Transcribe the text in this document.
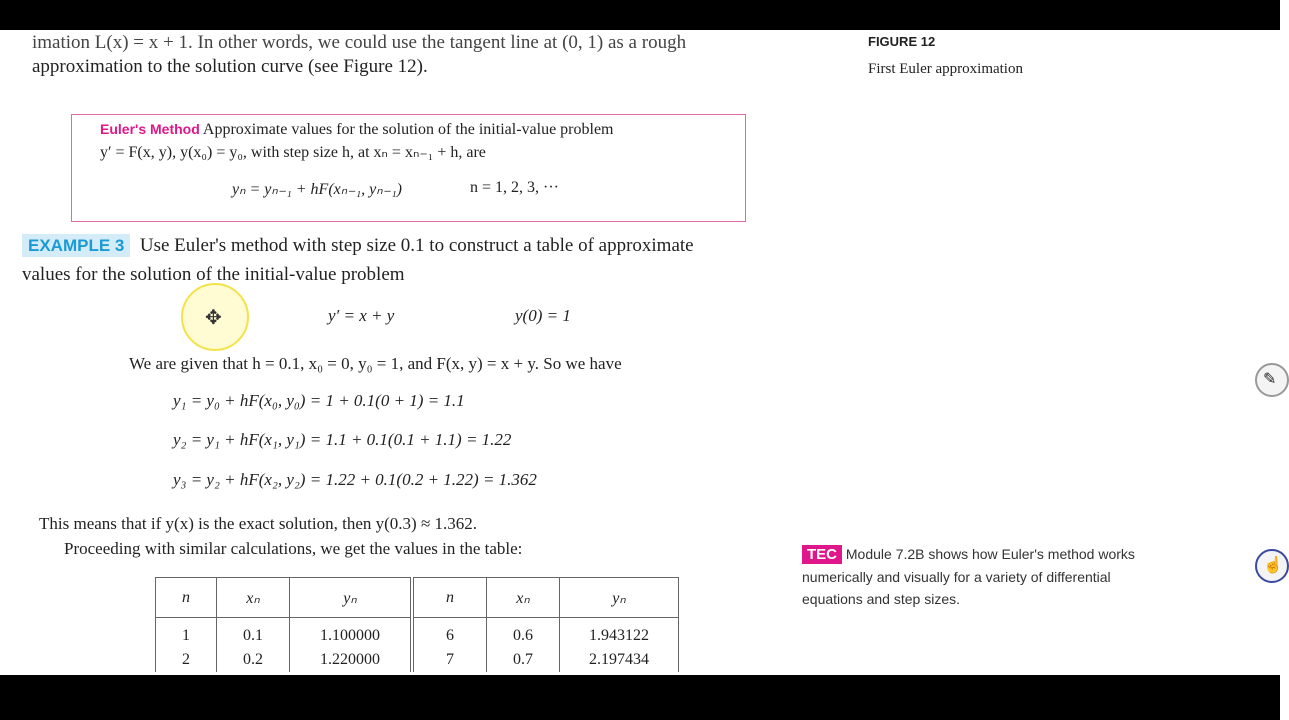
imation L(x) = x + 1. In other words, we could use the tangent line at (0, 1) as a rough
approximation to the solution curve (see Figure 12).
FIGURE 12
First Euler approximation
Euler's Method Approximate values for the solution of the initial-value problem
y′ = F(x, y), y(x₀) = y₀, with step size h, at xₙ = xₙ₋₁ + h, are
yₙ = yₙ₋₁ + hF(xₙ₋₁, yₙ₋₁)	n = 1, 2, 3, ···
EXAMPLE 3 Use Euler's method with step size 0.1 to construct a table of approximate
values for the solution of the initial-value problem
y′ = x + y	y(0) = 1
We are given that h = 0.1, x₀ = 0, y₀ = 1, and F(x, y) = x + y. So we have
y₁ = y₀ + hF(x₀, y₀) = 1 + 0.1(0 + 1) = 1.1
y₂ = y₁ + hF(x₁, y₁) = 1.1 + 0.1(0.1 + 1.1) = 1.22
y₃ = y₂ + hF(x₂, y₂) = 1.22 + 0.1(0.2 + 1.22) = 1.362
This means that if y(x) is the exact solution, then y(0.3) ≈ 1.362.
Proceeding with similar calculations, we get the values in the table:
n	xₙ	yₙ	n	xₙ	yₙ
1	0.1	1.100000	6	0.6	1.943122
2	0.2	1.220000	7	0.7	2.197434
TEC Module 7.2B shows how Euler's method works numerically and visually for a variety of differential equations and step sizes.
✥
✎
☝
